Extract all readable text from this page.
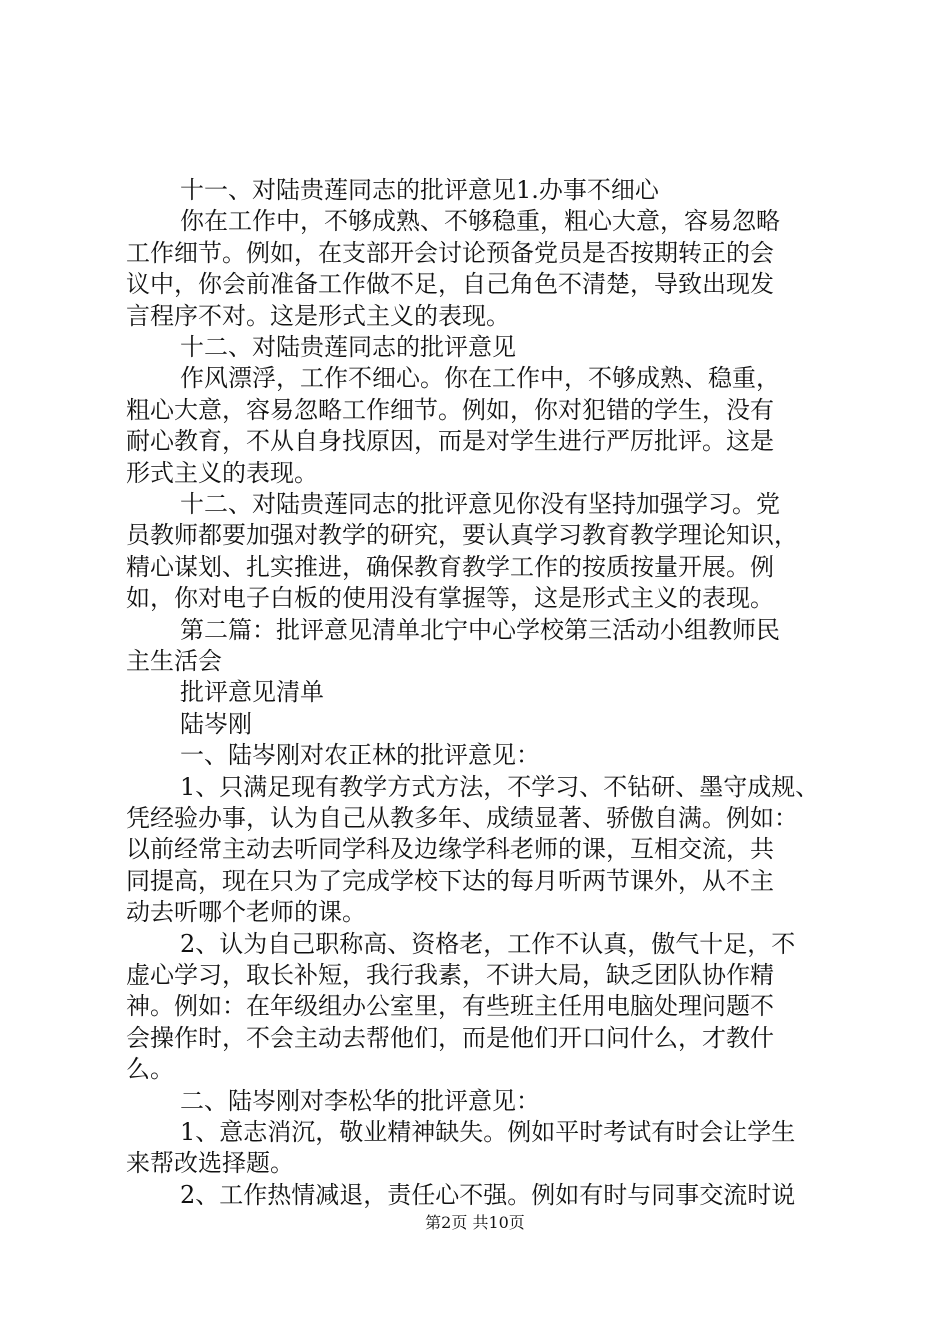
十一、对陆贵莲同志的批评意见1.办事不细心
你在工作中，不够成熟、不够稳重，粗心大意，容易忽略
工作细节。例如，在支部开会讨论预备党员是否按期转正的会
议中，你会前准备工作做不足，自己角色不清楚，导致出现发
言程序不对。这是形式主义的表现。
十二、对陆贵莲同志的批评意见
作风漂浮，工作不细心。你在工作中，不够成熟、稳重，
粗心大意，容易忽略工作细节。例如，你对犯错的学生，没有
耐心教育，不从自身找原因，而是对学生进行严厉批评。这是
形式主义的表现。
十二、对陆贵莲同志的批评意见你没有坚持加强学习。党
员教师都要加强对教学的研究，要认真学习教育教学理论知识，
精心谋划、扎实推进，确保教育教学工作的按质按量开展。例
如，你对电子白板的使用没有掌握等，这是形式主义的表现。
第二篇：批评意见清单北宁中心学校第三活动小组教师民
主生活会
批评意见清单
陆岑刚
一、陆岑刚对农正林的批评意见：
1、只满足现有教学方式方法，不学习、不钻研、墨守成规、
凭经验办事，认为自己从教多年、成绩显著、骄傲自满。例如：
以前经常主动去听同学科及边缘学科老师的课，互相交流，共
同提高，现在只为了完成学校下达的每月听两节课外，从不主
动去听哪个老师的课。
2、认为自己职称高、资格老，工作不认真，傲气十足，不
虚心学习，取长补短，我行我素，不讲大局，缺乏团队协作精
神。例如：在年级组办公室里，有些班主任用电脑处理问题不
会操作时，不会主动去帮他们，而是他们开口问什么，才教什
么。
二、陆岑刚对李松华的批评意见：
1、意志消沉，敬业精神缺失。例如平时考试有时会让学生
来帮改选择题。
2、工作热情减退，责任心不强。例如有时与同事交流时说
第2页 共10页
